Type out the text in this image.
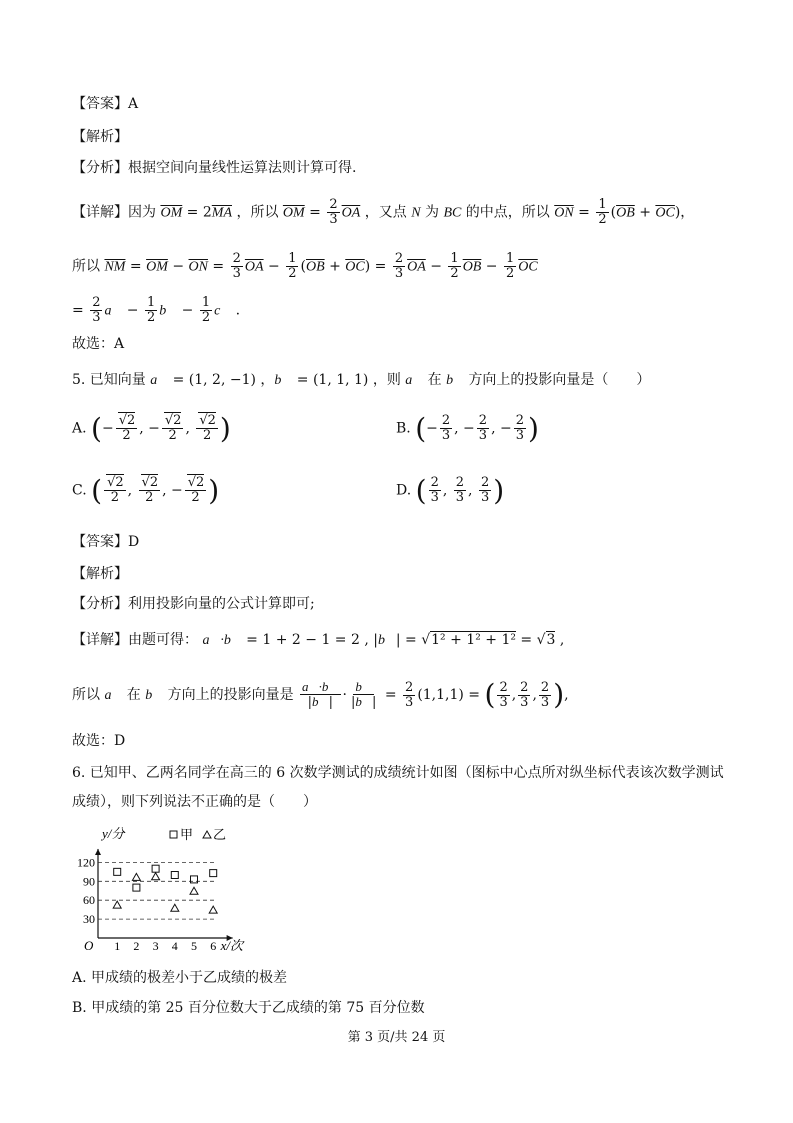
【答案】A
【解析】
【分析】根据空间向量线性运算法则计算可得.
【详解】因为 $\overline{OM} = 2\overline{MA}$ ，所以 $\overline{OM} = \frac{2}{3} \overline{OA}$ ，又点 N 为 BC 的中点，所以 $\overline{ON} = \frac{1}{2} (\overline{OB} + \overline{OC})$，
所以 $\overline{NM} = \overline{OM} - \overline{ON} = \frac{2}{3} \overline{OA} - \frac{1}{2} (\overline{OB} + \overline{OC}) = \frac{2}{3} \overline{OA} - \frac{1}{2} \overline{OB} - \frac{1}{2} \overline{OC}$
= $\frac{2}{3}$ a⃗ − $\frac{1}{2}$ b⃗ − $\frac{1}{2}$ c⃗ .
故选：A
5. 已知向量 a⃗ = (1, 2, −1) ，b⃗ = (1, 1, 1) ，则 a⃗ 在 b⃗ 方向上的投影向量是（　　）
A. (− $\frac{√2}{2}$ , − $\frac{√2}{2}$ , $\frac{√2}{2}$ )	B. (− $\frac{2}{3}$ , − $\frac{2}{3}$ , − $\frac{2}{3}$ )
C. ( $\frac{√2}{2}$ , $\frac{√2}{2}$ , − $\frac{√2}{2}$ )	D. ( $\frac{2}{3}$ , $\frac{2}{3}$ , $\frac{2}{3}$ )
【答案】D
【解析】
【分析】利用投影向量的公式计算即可;
【详解】由题可得： a⃗·b⃗ = 1 + 2 − 1 = 2 , |b⃗| = √1² + 1² + 1² = √3 ,
所以 a⃗ 在 b⃗ 方向上的投影向量是 $\frac{a⃗\cdot b⃗}{|b⃗|} \cdot \frac{b⃗}{|b⃗|} = \frac{2}{3} (1,1,1)$ = ( $\frac{2}{3}$ , $\frac{2}{3}$ , $\frac{2}{3}$ ),
故选：D
6. 已知甲、乙两名同学在高三的 6 次数学测试的成绩统计如图（图标中心点所对纵坐标代表该次数学测试
成绩），则下列说法不正确的是（　　）
y/分
x/次
O
30
60
90
120
1 2 3 4 5 6
甲 乙
A. 甲成绩的极差小于乙成绩的极差
B. 甲成绩的第 25 百分位数大于乙成绩的第 75 百分位数
第 3 页/共 24 页
